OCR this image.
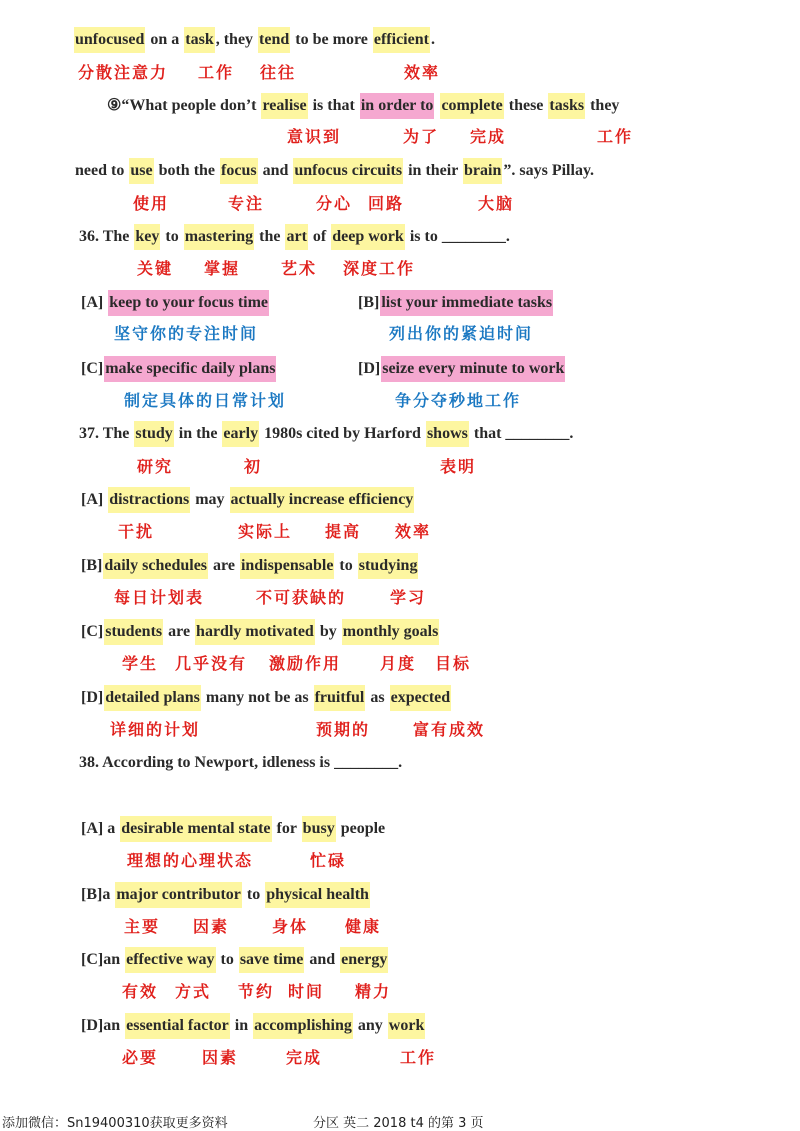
unfocused on a task , they tend to be more efficient .
分散注意力 工作 往往	效率
⑨“What people don’t realise is that in order to complete these tasks they
意识到	为了 完成	工作
need to use both the focus and unfocus circuits in their brain ”. says Pillay.
使用	专注	分心 回路	大脑
36. The key to mastering the art of deep work is to ________.
关键 掌握	艺术 深度工作
[A] keep to your focus time
坚守你的专注时间
[B] list your immediate tasks
列出你的紧迫时间
[C] make specific daily plans
制定具体的日常计划
[D] seize every minute to work
争分夺秒地工作
37. The study in the early 1980s cited by Harford shows that ________.
研究	初	表明
[A] distractions may actually increase efficiency
干扰	实际上 提高 效率
[B] daily schedules are indispensable to studying
每日计划表	不可获缺的	学习
[C] students are hardly motivated by monthly goals
学生 几乎没有 激励作用 月度 目标
[D] detailed plans many not be as fruitful as expected
详细的计划	预期的	富有成效
38. According to Newport, idleness is ________.
[A] a desirable mental state for busy people
理想的心理状态	忙碌
[B]a major contributor to physical health
主要 因素	身体 健康
[C]an effective way to save time and energy
有效 方式 节约 时间 精力
[D]an essential factor in accomplishing any work
必要	因素	完成	工作
添加微信：Sn19400310获取更多资料	分区 英二 2018 t4 的第 3 页
